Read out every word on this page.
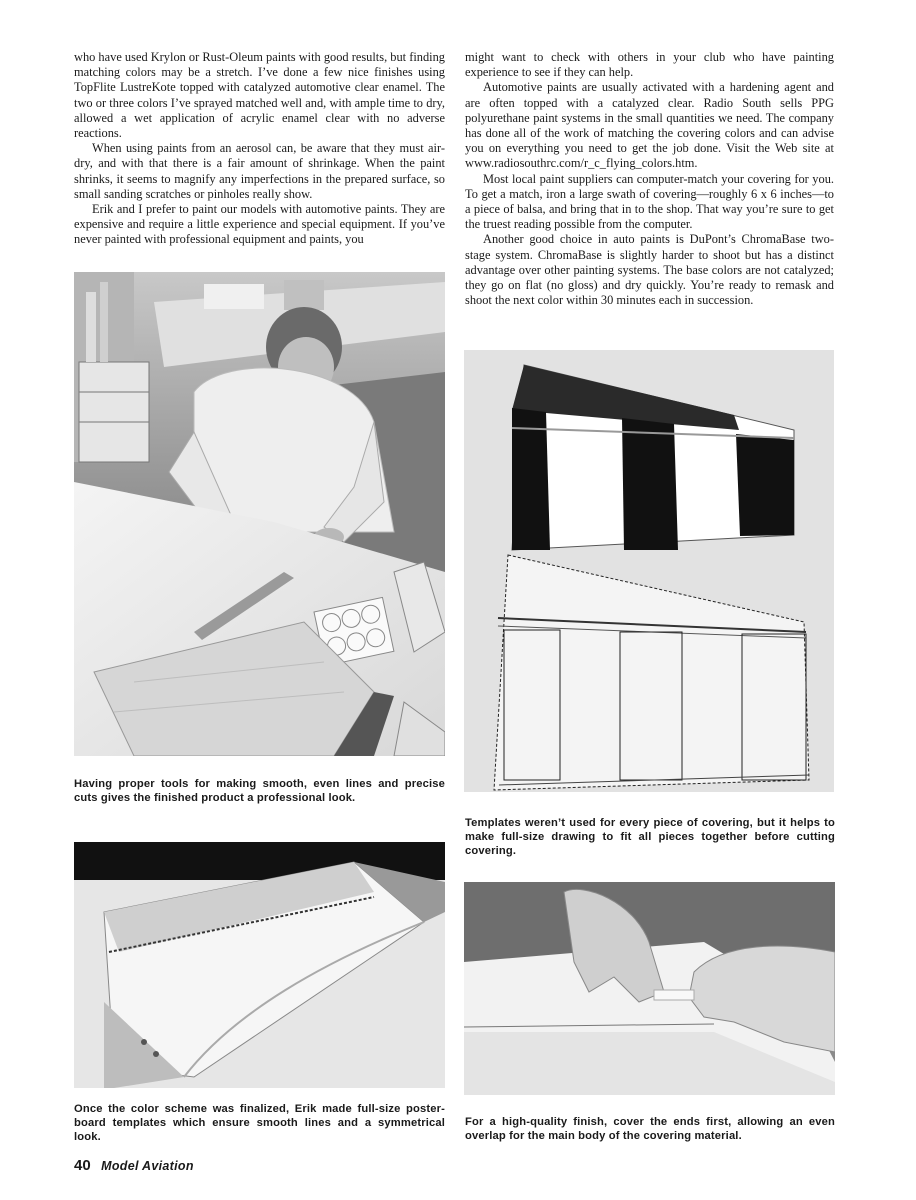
who have used Krylon or Rust-Oleum paints with good results, but finding matching colors may be a stretch. I’ve done a few nice finishes using TopFlite LustreKote topped with catalyzed automotive clear enamel. The two or three colors I’ve sprayed matched well and, with ample time to dry, allowed a wet application of acrylic enamel clear with no adverse reactions.

When using paints from an aerosol can, be aware that they must air-dry, and with that there is a fair amount of shrinkage. When the paint shrinks, it seems to magnify any imperfections in the prepared surface, so small sanding scratches or pinholes really show.

Erik and I prefer to paint our models with automotive paints. They are expensive and require a little experience and special equipment. If you’ve never painted with professional equipment and paints, you

might want to check with others in your club who have painting experience to see if they can help.

Automotive paints are usually activated with a hardening agent and are often topped with a catalyzed clear. Radio South sells PPG polyurethane paint systems in the small quantities we need. The company has done all of the work of matching the covering colors and can advise you on everything you need to get the job done. Visit the Web site at www.radiosouthrc.com/r_c_flying_colors.htm.

Most local paint suppliers can computer-match your covering for you. To get a match, iron a large swath of covering—roughly 6 x 6 inches—to a piece of balsa, and bring that in to the shop. That way you’re sure to get the truest reading possible from the computer.

Another good choice in auto paints is DuPont’s ChromaBase two-stage system. ChromaBase is slightly harder to shoot but has a distinct advantage over other painting systems. The base colors are not catalyzed; they go on flat (no gloss) and dry quickly. You’re ready to remask and shoot the next color within 30 minutes each in succession.

Having proper tools for making smooth, even lines and precise cuts gives the finished product a professional look.
Templates weren’t used for every piece of covering, but it helps to make full-size drawing to fit all pieces together before cutting covering.
Once the color scheme was finalized, Erik made full-size poster-board templates which ensure smooth lines and a symmetrical look.
For a high-quality finish, cover the ends first, allowing an even overlap for the main body of the covering material.
40 Model Aviation
